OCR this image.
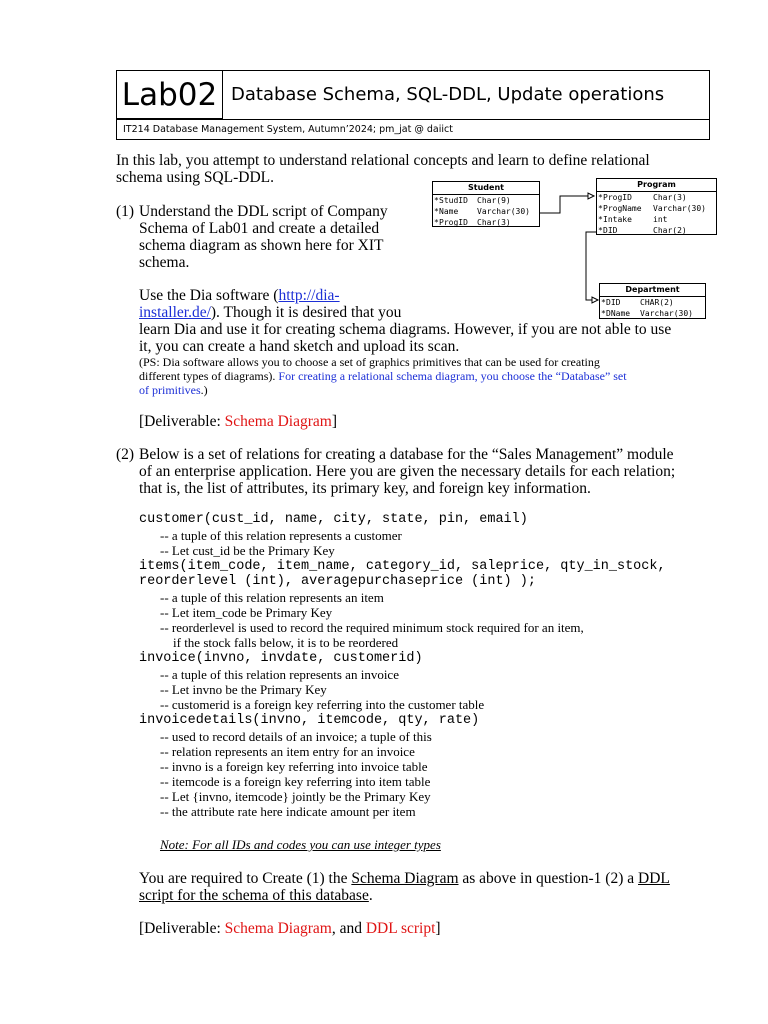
Lab02 Database Schema, SQL-DDL, Update operations
IT214 Database Management System, Autumn’2024; pm_jat @ daiict
In this lab, you attempt to understand relational concepts and learn to define relational
schema using SQL-DDL.
(1) Understand the DDL script of Company
Schema of Lab01 and create a detailed
schema diagram as shown here for XIT
schema.
Use the Dia software (http://dia-
installer.de/). Though it is desired that you
learn Dia and use it for creating schema diagrams. However, if you are not able to use
it, you can create a hand sketch and upload its scan.
(PS: Dia software allows you to choose a set of graphics primitives that can be used for creating
different types of diagrams). For creating a relational schema diagram, you choose the “Database” set
of primitives.)
[Deliverable: Schema Diagram]
Student
* StudID Char(9)
* Name Varchar(30)
* ProgID Char(3)
Program
* ProgID	Char(3)
* ProgName Varchar(30)
* Intake	int
* DID	Char(2)
Department
* DID CHAR(2)
* DName Varchar(30)
(2) Below is a set of relations for creating a database for the “Sales Management” module
of an enterprise application. Here you are given the necessary details for each relation;
that is, the list of attributes, its primary key, and foreign key information.
customer(cust_id, name, city, state, pin, email)
-- a tuple of this relation represents a customer
-- Let cust_id be the Primary Key
items(item_code, item_name, category_id, saleprice, qty_in_stock,
reorderlevel (int), averagepurchaseprice (int) );
-- a tuple of this relation represents an item
-- Let item_code be Primary Key
-- reorderlevel is used to record the required minimum stock required for an item,
if the stock falls below, it is to be reordered
invoice(invno, invdate, customerid)
-- a tuple of this relation represents an invoice
-- Let invno be the Primary Key
-- customerid is a foreign key referring into the customer table
invoicedetails(invno, itemcode, qty, rate)
-- used to record details of an invoice; a tuple of this
-- relation represents an item entry for an invoice
-- invno is a foreign key referring into invoice table
-- itemcode is a foreign key referring into item table
-- Let {invno, itemcode} jointly be the Primary Key
-- the attribute rate here indicate amount per item
Note: For all IDs and codes you can use integer types
You are required to Create (1) the Schema Diagram as above in question-1 (2) a DDL
script for the schema of this database.
[Deliverable: Schema Diagram, and DDL script]
